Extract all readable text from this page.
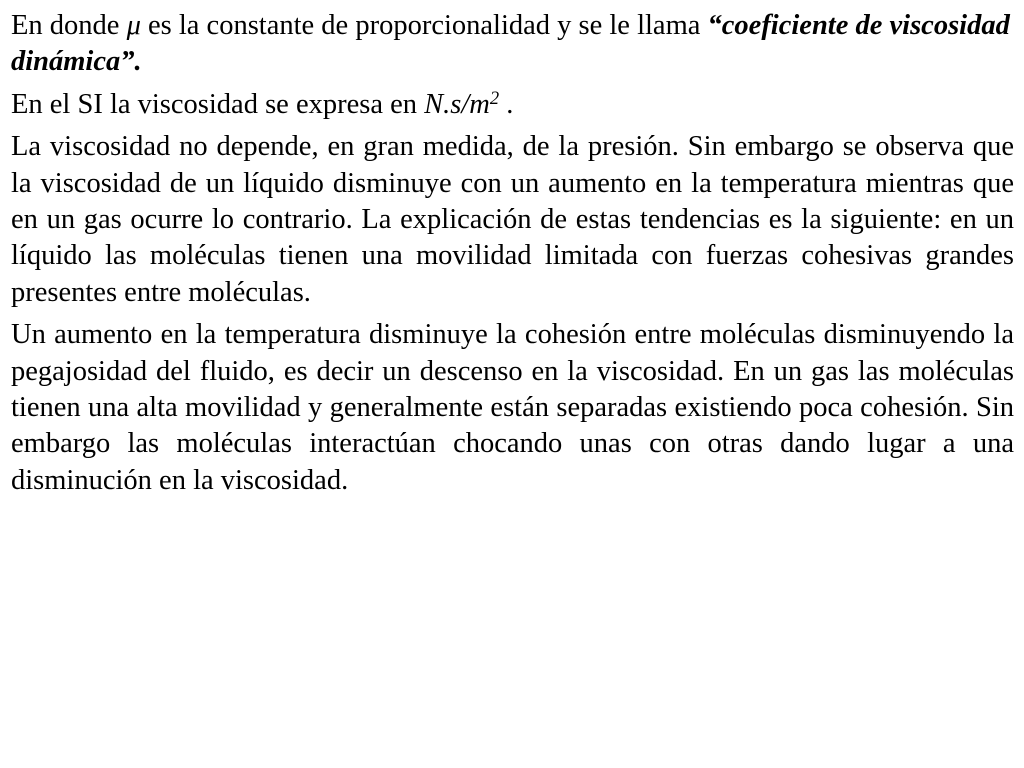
En donde μ es la constante de proporcionalidad y se le llama “coeficiente de viscosidad dinámica”.

En el SI la viscosidad se expresa en $N.s/m^2$ .

La viscosidad no depende, en gran medida, de la presión. Sin embargo se observa que la viscosidad de un líquido disminuye con un aumento en la temperatura mientras que en un gas ocurre lo contrario. La explicación de estas tendencias es la siguiente: en un líquido las moléculas tienen una movilidad limitada con fuerzas cohesivas grandes presentes entre moléculas.

Un aumento en la temperatura disminuye la cohesión entre moléculas disminuyendo la pegajosidad del fluido, es decir un descenso en la viscosidad. En un gas las moléculas tienen una alta movilidad y generalmente están separadas existiendo poca cohesión. Sin embargo las moléculas interactúan chocando unas con otras dando lugar a una disminución en la viscosidad.
